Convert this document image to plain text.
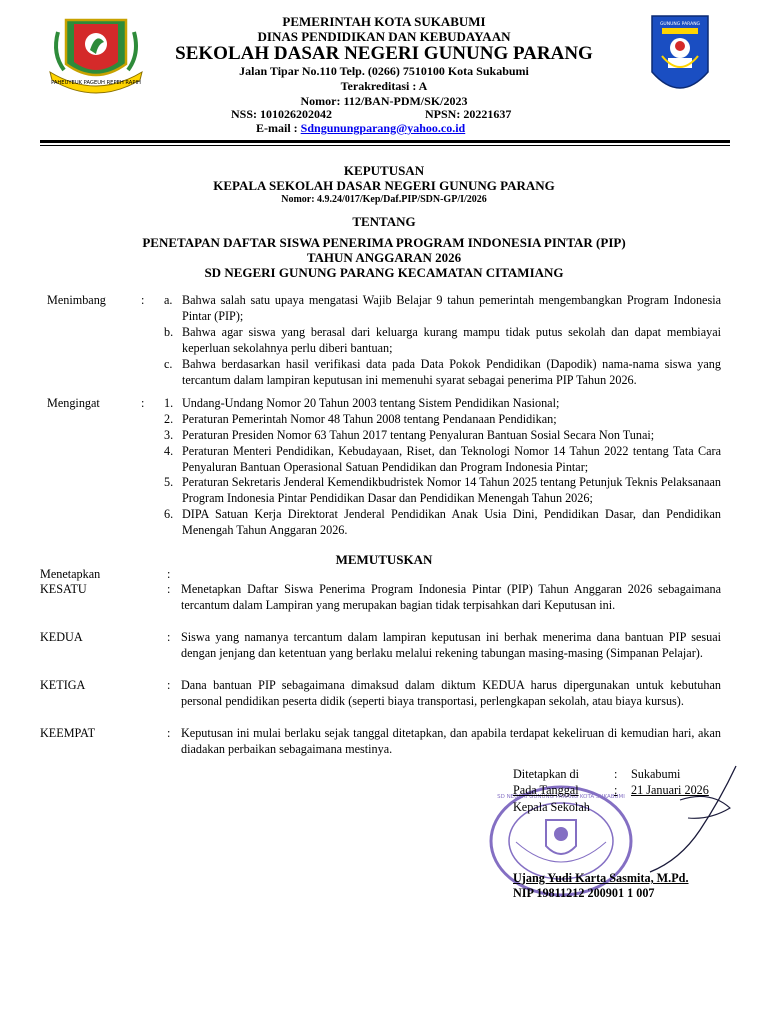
PAHEUYEUK PAGEUH REPEH RAPIH
GUNUNG PARANG
PEMERINTAH KOTA SUKABUMI
DINAS PENDIDIKAN DAN KEBUDAYAAN
SEKOLAH DASAR NEGERI GUNUNG PARANG
Jalan Tipar No.110 Telp. (0266) 7510100 Kota Sukabumi
Terakreditasi : A
Nomor: 112/BAN-PDM/SK/2023
NSS: 101026202042	NPSN: 20221637
E-mail : Sdngunungparang@yahoo.co.id
KEPUTUSAN
KEPALA SEKOLAH DASAR NEGERI GUNUNG PARANG
Nomor: 4.9.24/017/Kep/Daf.PIP/SDN-GP/I/2026
TENTANG
PENETAPAN DAFTAR SISWA PENERIMA PROGRAM INDONESIA PINTAR (PIP)
TAHUN ANGGARAN 2026
SD NEGERI GUNUNG PARANG KECAMATAN CITAMIANG
Menimbang	: a. Bahwa salah satu upaya mengatasi Wajib Belajar 9 tahun pemerintah mengembangkan Program Indonesia Pintar (PIP);
b. Bahwa agar siswa yang berasal dari keluarga kurang mampu tidak putus sekolah dan dapat membiayai keperluan sekolahnya perlu diberi bantuan;
c. Bahwa berdasarkan hasil verifikasi data pada Data Pokok Pendidikan (Dapodik) nama-nama siswa yang tercantum dalam lampiran keputusan ini memenuhi syarat sebagai penerima PIP Tahun 2026.
Mengingat	: 1. Undang-Undang Nomor 20 Tahun 2003 tentang Sistem Pendidikan Nasional;
2. Peraturan Pemerintah Nomor 48 Tahun 2008 tentang Pendanaan Pendidikan;
3. Peraturan Presiden Nomor 63 Tahun 2017 tentang Penyaluran Bantuan Sosial Secara Non Tunai;
4. Peraturan Menteri Pendidikan, Kebudayaan, Riset, dan Teknologi Nomor 14 Tahun 2022 tentang Tata Cara Penyaluran Bantuan Operasional Satuan Pendidikan dan Program Indonesia Pintar;
5. Peraturan Sekretaris Jenderal Kemendikbudristek Nomor 14 Tahun 2025 tentang Petunjuk Teknis Pelaksanaan Program Indonesia Pintar Pendidikan Dasar dan Pendidikan Menengah Tahun 2026;
6. DIPA Satuan Kerja Direktorat Jenderal Pendidikan Anak Usia Dini, Pendidikan Dasar, dan Pendidikan Menengah Tahun Anggaran 2026.
MEMUTUSKAN
Menetapkan	:
KESATU	: Menetapkan Daftar Siswa Penerima Program Indonesia Pintar (PIP) Tahun Anggaran 2026 sebagaimana tercantum dalam Lampiran yang merupakan bagian tidak terpisahkan dari Keputusan ini.
KEDUA	: Siswa yang namanya tercantum dalam lampiran keputusan ini berhak menerima dana bantuan PIP sesuai dengan jenjang dan ketentuan yang berlaku melalui rekening tabungan masing-masing (Simpanan Pelajar).
KETIGA	: Dana bantuan PIP sebagaimana dimaksud dalam diktum KEDUA harus dipergunakan untuk kebutuhan personal pendidikan peserta didik (seperti biaya transportasi, perlengkapan sekolah, atau biaya kursus).
KEEMPAT	: Keputusan ini mulai berlaku sejak tanggal ditetapkan, dan apabila terdapat kekeliruan di kemudian hari, akan diadakan perbaikan sebagaimana mestinya.
SD NEGERI GUNUNG PARANG KOTA SUKABUMI
Ditetapkan di	: Sukabumi
Pada Tanggal	: 21 Januari 2026
Kepala Sekolah
Ujang Yudi Karta Sasmita, M.Pd.
NIP 19811212 200901 1 007
